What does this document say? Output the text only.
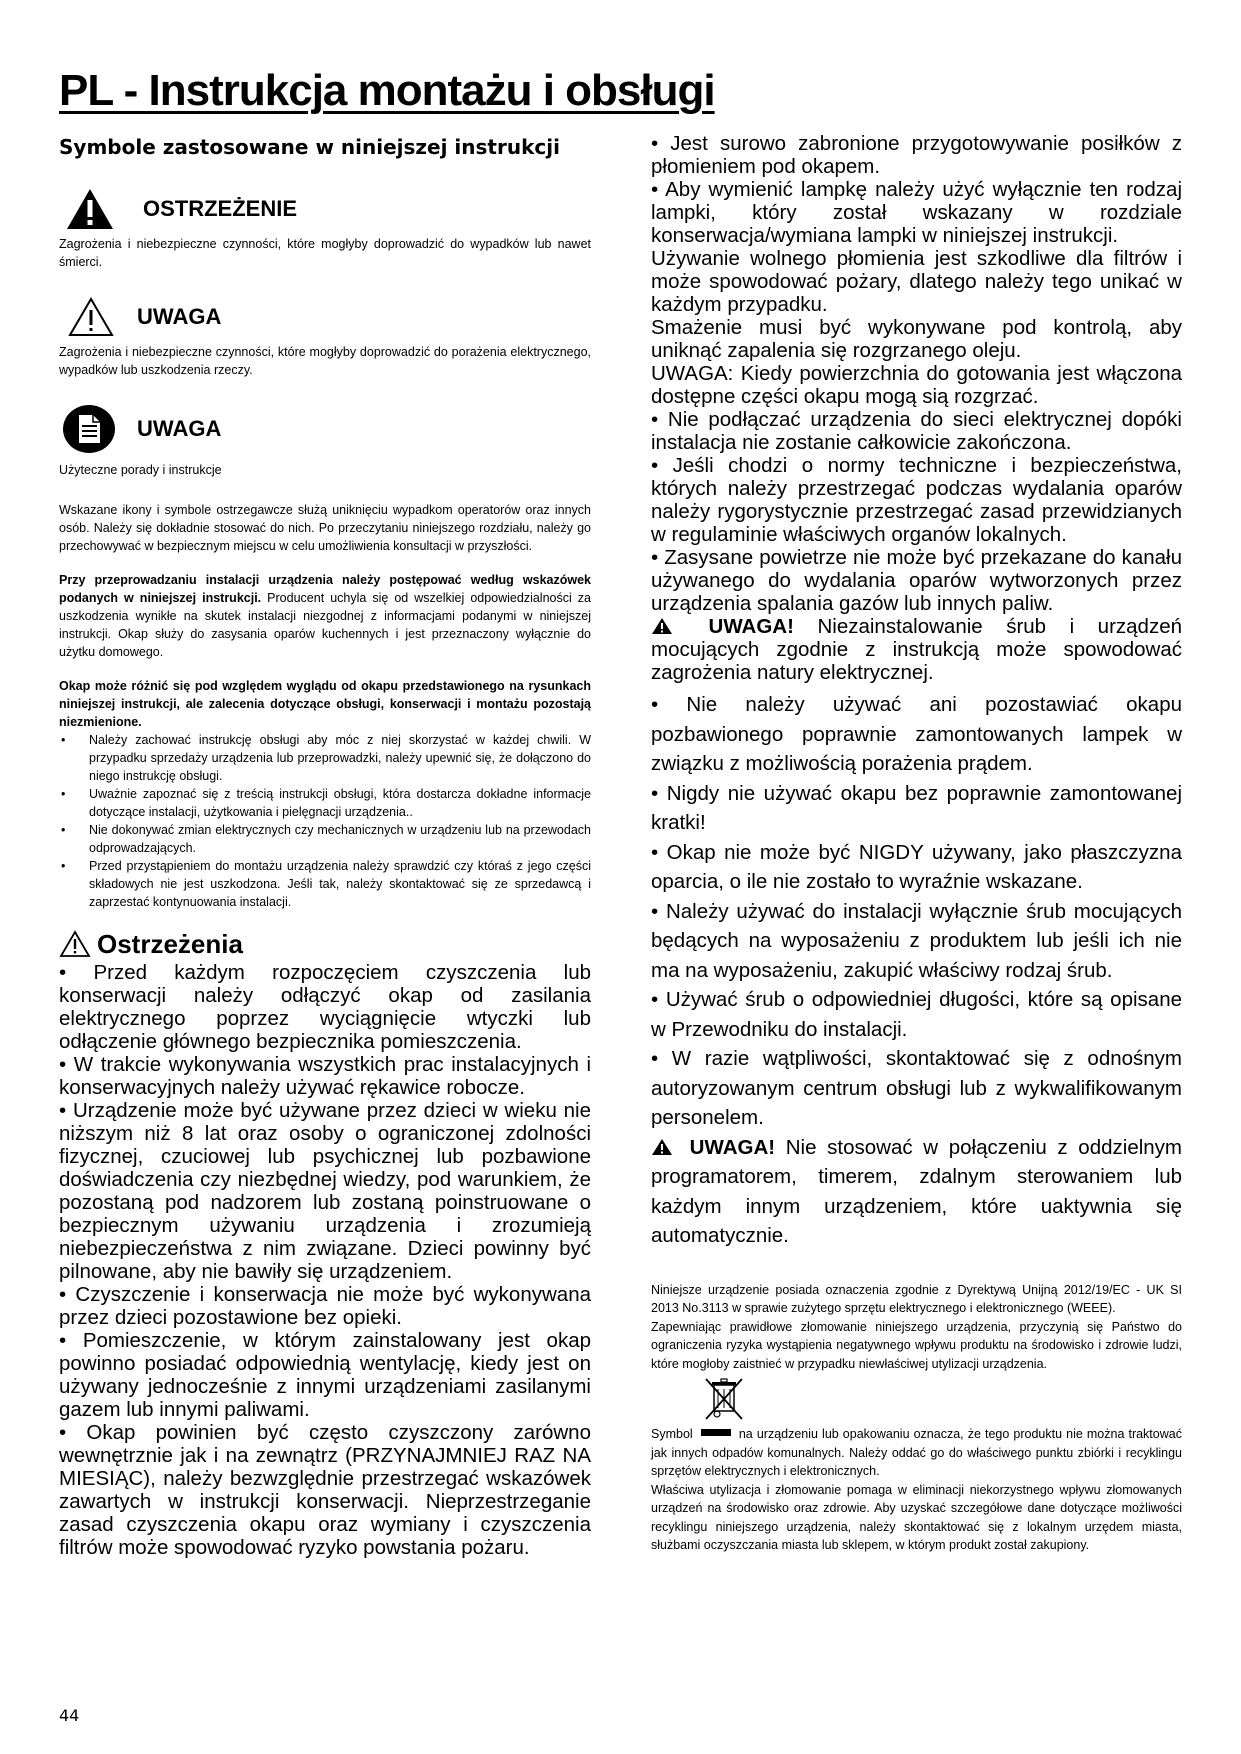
PL - Instrukcja montażu i obsługi
Symbole zastosowane w niniejszej instrukcji
OSTRZEŻENIE

Zagrożenia i niebezpieczne czynności, które mogłyby doprowadzić do wypadków lub nawet śmierci.

UWAGA

Zagrożenia i niebezpieczne czynności, które mogłyby doprowadzić do porażenia elektrycznego, wypadków lub uszkodzenia rzeczy.

UWAGA

Użyteczne porady i instrukcje

Wskazane ikony i symbole ostrzegawcze służą uniknięciu wypadkom operatorów oraz innych osób. Należy się dokładnie stosować do nich. Po przeczytaniu niniejszego rozdziału, należy go przechowywać w bezpiecznym miejscu w celu umożliwienia konsultacji w przyszłości.

Przy przeprowadzaniu instalacji urządzenia należy postępować według wskazówek podanych w niniejszej instrukcji. Producent uchyla się od wszelkiej odpowiedzialności za uszkodzenia wynikłe na skutek instalacji niezgodnej z informacjami podanymi w niniejszej instrukcji. Okap służy do zasysania oparów kuchennych i jest przeznaczony wyłącznie do użytku domowego.

Okap może różnić się pod względem wyglądu od okapu przedstawionego na rysunkach niniejszej instrukcji, ale zalecenia dotyczące obsługi, konserwacji i montażu pozostają niezmienione.

• Należy zachować instrukcję obsługi aby móc z niej skorzystać w każdej chwili. W przypadku sprzedaży urządzenia lub przeprowadzki, należy upewnić się, że dołączono do niego instrukcję obsługi.
• Uważnie zapoznać się z treścią instrukcji obsługi, która dostarcza dokładne informacje dotyczące instalacji, użytkowania i pielęgnacji urządzenia..
• Nie dokonywać zmian elektrycznych czy mechanicznych w urządzeniu lub na przewodach odprowadzających.
• Przed przystąpieniem do montażu urządzenia należy sprawdzić czy któraś z jego części składowych nie jest uszkodzona. Jeśli tak, należy skontaktować się ze sprzedawcą i zaprzestać kontynuowania instalacji.
Ostrzeżenia

• Przed każdym rozpoczęciem czyszczenia lub konserwacji należy odłączyć okap od zasilania elektrycznego poprzez wyciągnięcie wtyczki lub odłączenie głównego bezpiecznika pomieszczenia.

• W trakcie wykonywania wszystkich prac instalacyjnych i konserwacyjnych należy używać rękawice robocze.

• Urządzenie może być używane przez dzieci w wieku nie niższym niż 8 lat oraz osoby o ograniczonej zdolności fizycznej, czuciowej lub psychicznej lub pozbawione doświadczenia czy niezbędnej wiedzy, pod warunkiem, że pozostaną pod nadzorem lub zostaną poinstruowane o bezpiecznym używaniu urządzenia i zrozumieją niebezpieczeństwa z nim związane. Dzieci powinny być pilnowane, aby nie bawiły się urządzeniem.

• Czyszczenie i konserwacja nie może być wykonywana przez dzieci pozostawione bez opieki.

• Pomieszczenie, w którym zainstalowany jest okap powinno posiadać odpowiednią wentylację, kiedy jest on używany jednocześnie z innymi urządzeniami zasilanymi gazem lub innymi paliwami.

• Okap powinien być często czyszczony zarówno wewnętrznie jak i na zewnątrz (PRZYNAJMNIEJ RAZ NA MIESIĄC), należy bezwzględnie przestrzegać wskazówek zawartych w instrukcji konserwacji. Nieprzestrzeganie zasad czyszczenia okapu oraz wymiany i czyszczenia filtrów może spowodować ryzyko powstania pożaru.

• Jest surowo zabronione przygotowywanie posiłków z płomieniem pod okapem.

• Aby wymienić lampkę należy użyć wyłącznie ten rodzaj lampki, który został wskazany w rozdziale konserwacja/wymiana lampki w niniejszej instrukcji.

Używanie wolnego płomienia jest szkodliwe dla filtrów i może spowodować pożary, dlatego należy tego unikać w każdym przypadku.

Smażenie musi być wykonywane pod kontrolą, aby uniknąć zapalenia się rozgrzanego oleju.

UWAGA: Kiedy powierzchnia do gotowania jest włączona dostępne części okapu mogą sią rozgrzać.

• Nie podłączać urządzenia do sieci elektrycznej dopóki instalacja nie zostanie całkowicie zakończona.

• Jeśli chodzi o normy techniczne i bezpieczeństwa, których należy przestrzegać podczas wydalania oparów należy rygorystycznie przestrzegać zasad przewidzianych w regulaminie właściwych organów lokalnych.

• Zasysane powietrze nie może być przekazane do kanału używanego do wydalania oparów wytworzonych przez urządzenia spalania gazów lub innych paliw.

UWAGA! Niezainstalowanie śrub i urządzeń mocujących zgodnie z instrukcją może spowodować zagrożenia natury elektrycznej.

• Nie należy używać ani pozostawiać okapu pozbawionego poprawnie zamontowanych lampek w związku z możliwością porażenia prądem.

• Nigdy nie używać okapu bez poprawnie zamontowanej kratki!

• Okap nie może być NIGDY używany, jako płaszczyzna oparcia, o ile nie zostało to wyraźnie wskazane.

• Należy używać do instalacji wyłącznie śrub mocujących będących na wyposażeniu z produktem lub jeśli ich nie ma na wyposażeniu, zakupić właściwy rodzaj śrub.

• Używać śrub o odpowiedniej długości, które są opisane w Przewodniku do instalacji.

• W razie wątpliwości, skontaktować się z odnośnym autoryzowanym centrum obsługi lub z wykwalifikowanym personelem.

UWAGA! Nie stosować w połączeniu z oddzielnym programatorem, timerem, zdalnym sterowaniem lub każdym innym urządzeniem, które uaktywnia się automatycznie.

Niniejsze urządzenie posiada oznaczenia zgodnie z Dyrektywą Unijną 2012/19/EC - UK SI 2013 No.3113 w sprawie zużytego sprzętu elektrycznego i elektronicznego (WEEE).

Zapewniając prawidłowe złomowanie niniejszego urządzenia, przyczynią się Państwo do ograniczenia ryzyka wystąpienia negatywnego wpływu produktu na środowisko i zdrowie ludzi, które mogłoby zaistnieć w przypadku niewłaściwej utylizacji urządzenia.

Symbol	na urządzeniu lub opakowaniu oznacza, że tego produktu nie można traktować jak innych odpadów komunalnych. Należy oddać go do właściwego punktu zbiórki i recyklingu sprzętów elektrycznych i elektronicznych.

Właściwa utylizacja i złomowanie pomaga w eliminacji niekorzystnego wpływu złomowanych urządzeń na środowisko oraz zdrowie. Aby uzyskać szczegółowe dane dotyczące możliwości recyklingu niniejszego urządzenia, należy skontaktować się z lokalnym urzędem miasta, służbami oczyszczania miasta lub sklepem, w którym produkt został zakupiony.

44
